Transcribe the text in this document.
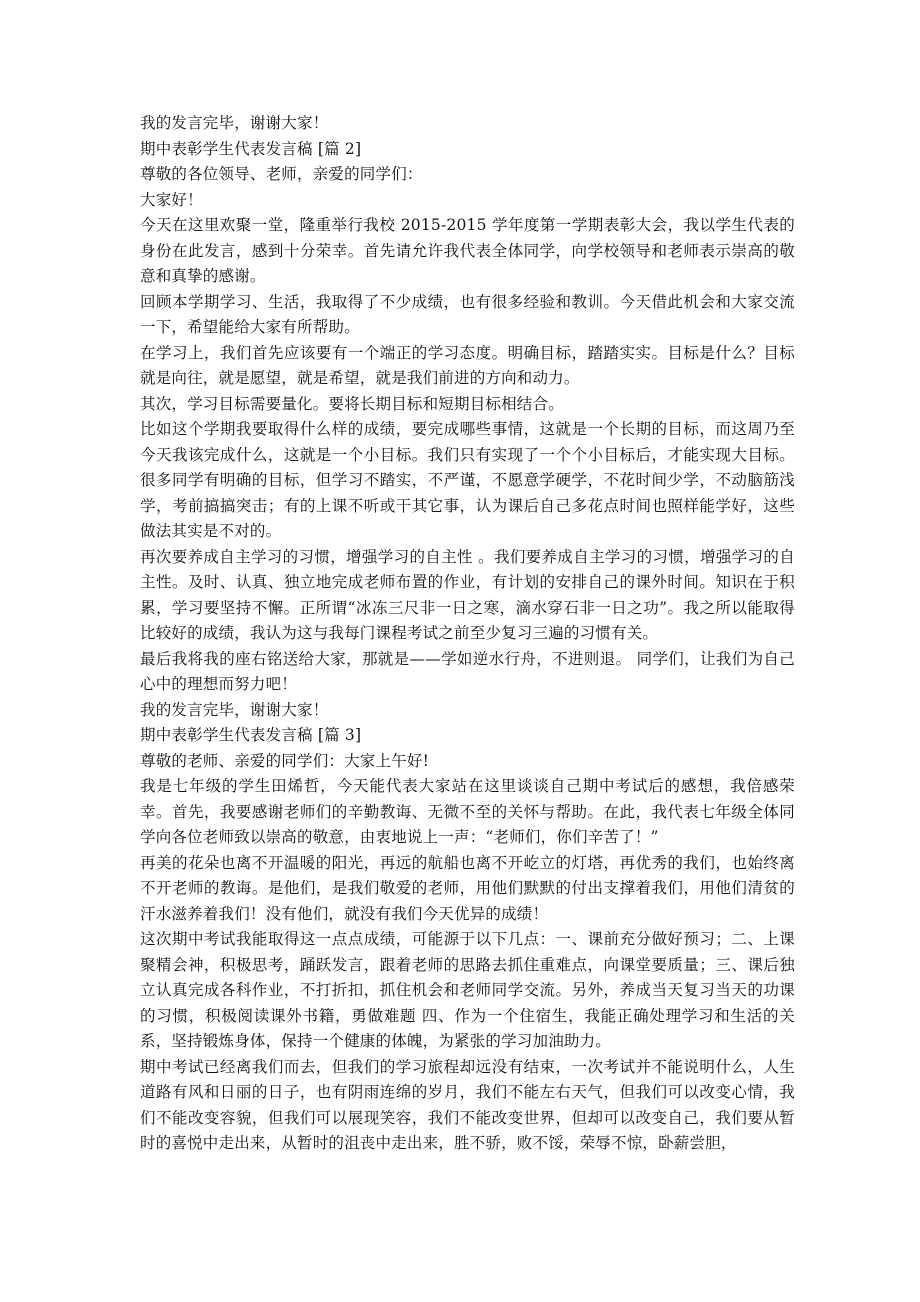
我的发言完毕，谢谢大家！

期中表彰学生代表发言稿 [篇 2]

尊敬的各位领导、老师，亲爱的同学们：

大家好！

今天在这里欢聚一堂，隆重举行我校 2015-2015 学年度第一学期表彰大会，我以学生代表的身份在此发言，感到十分荣幸。首先请允许我代表全体同学，向学校领导和老师表示崇高的敬意和真挚的感谢。

回顾本学期学习、生活，我取得了不少成绩，也有很多经验和教训。今天借此机会和大家交流一下，希望能给大家有所帮助。

在学习上，我们首先应该要有一个端正的学习态度。明确目标，踏踏实实。目标是什么？目标就是向往，就是愿望，就是希望，就是我们前进的方向和动力。

其次，学习目标需要量化。要将长期目标和短期目标相结合。

比如这个学期我要取得什么样的成绩，要完成哪些事情，这就是一个长期的目标，而这周乃至今天我该完成什么，这就是一个小目标。我们只有实现了一个个小目标后，才能实现大目标。很多同学有明确的目标，但学习不踏实，不严谨，不愿意学硬学，不花时间少学，不动脑筋浅学，考前搞搞突击；有的上课不听或干其它事，认为课后自己多花点时间也照样能学好，这些做法其实是不对的。

再次要养成自主学习的习惯，增强学习的自主性 。我们要养成自主学习的习惯，增强学习的自主性。及时、认真、独立地完成老师布置的作业，有计划的安排自己的课外时间。知识在于积累，学习要坚持不懈。正所谓“冰冻三尺非一日之寒，滴水穿石非一日之功”。我之所以能取得比较好的成绩，我认为这与我每门课程考试之前至少复习三遍的习惯有关。

最后我将我的座右铭送给大家，那就是——学如逆水行舟，不进则退。 同学们，让我们为自己心中的理想而努力吧！

我的发言完毕，谢谢大家！

期中表彰学生代表发言稿 [篇 3]

尊敬的老师、亲爱的同学们：大家上午好!

我是七年级的学生田烯哲，今天能代表大家站在这里谈谈自己期中考试后的感想，我倍感荣幸。首先，我要感谢老师们的辛勤教诲、无微不至的关怀与帮助。在此，我代表七年级全体同学向各位老师致以崇高的敬意，由衷地说上一声：“老师们，你们辛苦了！”

再美的花朵也离不开温暖的阳光，再远的航船也离不开屹立的灯塔，再优秀的我们，也始终离不开老师的教诲。是他们，是我们敬爱的老师，用他们默默的付出支撑着我们，用他们清贫的汗水滋养着我们！没有他们，就没有我们今天优异的成绩！

这次期中考试我能取得这一点点成绩，可能源于以下几点：一、课前充分做好预习；二、上课聚精会神，积极思考，踊跃发言，跟着老师的思路去抓住重难点，向课堂要质量；三、课后独立认真完成各科作业，不打折扣，抓住机会和老师同学交流。另外，养成当天复习当天的功课的习惯，积极阅读课外书籍，勇做难题 四、作为一个住宿生，我能正确处理学习和生活的关系，坚持锻炼身体，保持一个健康的体魄，为紧张的学习加油助力。

期中考试已经离我们而去，但我们的学习旅程却远没有结束，一次考试并不能说明什么，人生道路有风和日丽的日子，也有阴雨连绵的岁月，我们不能左右天气，但我们可以改变心情，我们不能改变容貌，但我们可以展现笑容，我们不能改变世界，但却可以改变自己，我们要从暂时的喜悦中走出来，从暂时的沮丧中走出来，胜不骄，败不馁，荣辱不惊，卧薪尝胆，
